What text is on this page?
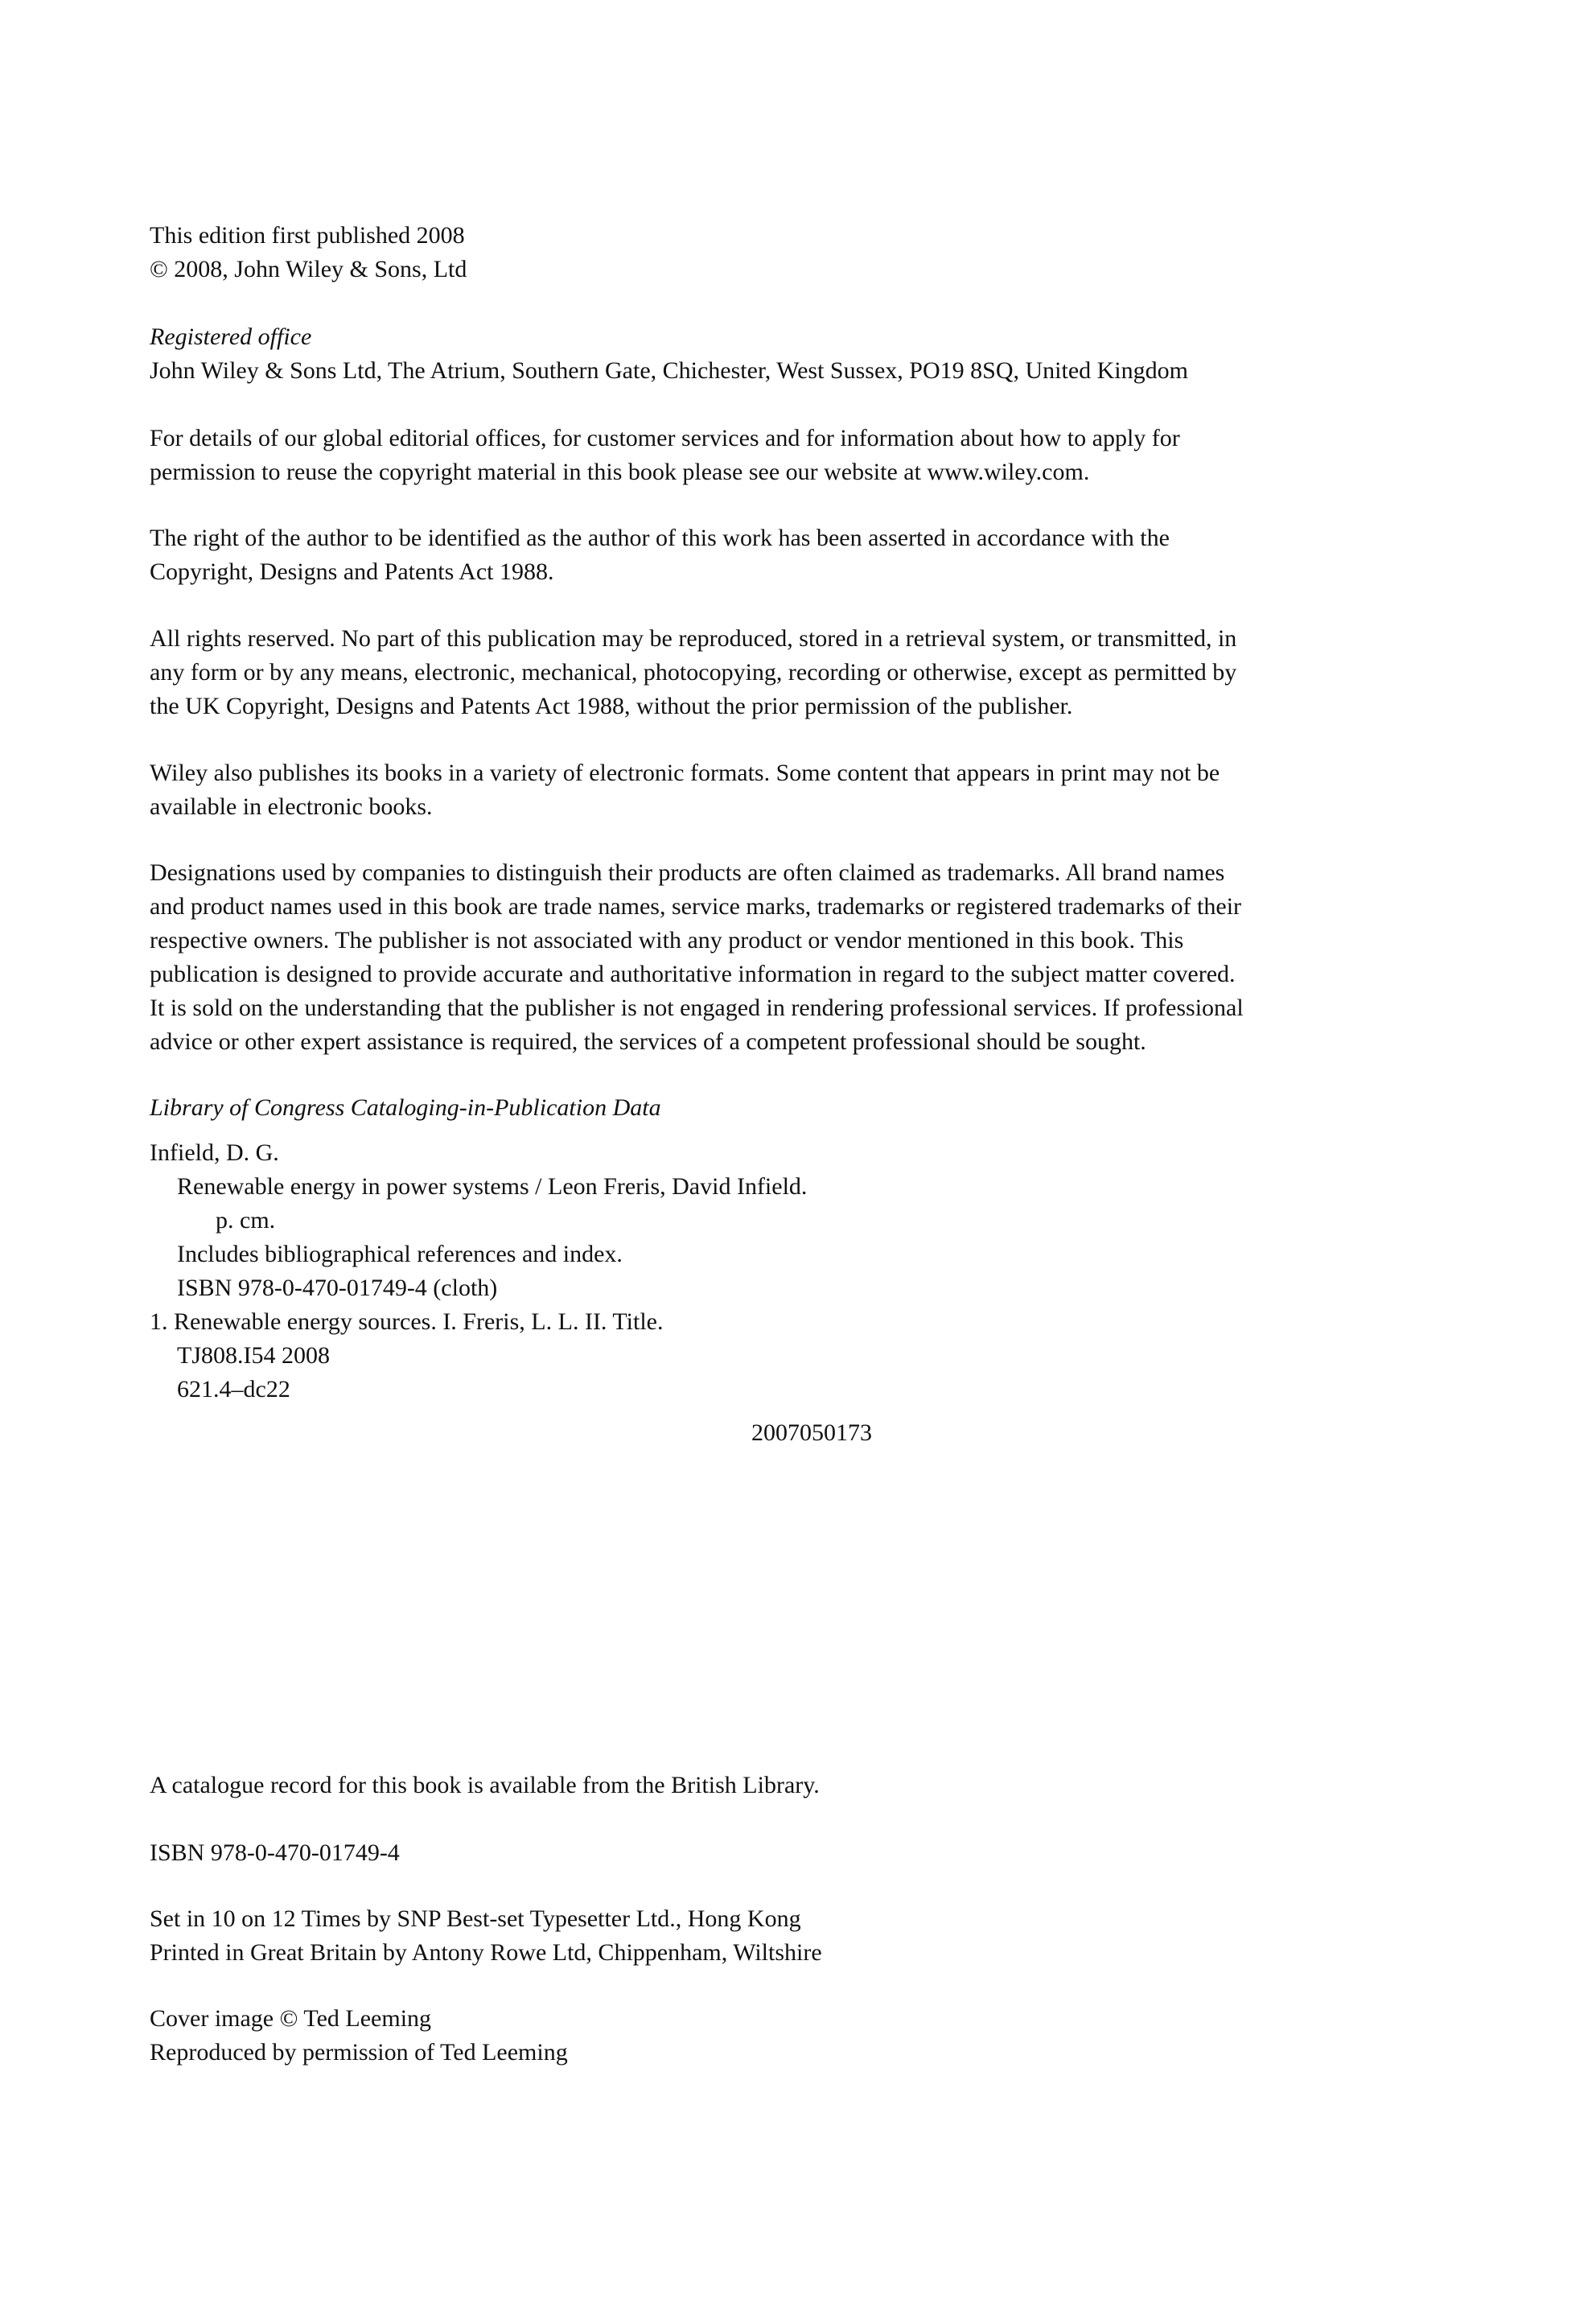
This edition first published 2008
© 2008, John Wiley & Sons, Ltd
Registered office
John Wiley & Sons Ltd, The Atrium, Southern Gate, Chichester, West Sussex, PO19 8SQ, United Kingdom
For details of our global editorial offices, for customer services and for information about how to apply for
permission to reuse the copyright material in this book please see our website at www.wiley.com.
The right of the author to be identified as the author of this work has been asserted in accordance with the
Copyright, Designs and Patents Act 1988.
All rights reserved. No part of this publication may be reproduced, stored in a retrieval system, or transmitted, in
any form or by any means, electronic, mechanical, photocopying, recording or otherwise, except as permitted by
the UK Copyright, Designs and Patents Act 1988, without the prior permission of the publisher.
Wiley also publishes its books in a variety of electronic formats. Some content that appears in print may not be
available in electronic books.
Designations used by companies to distinguish their products are often claimed as trademarks. All brand names
and product names used in this book are trade names, service marks, trademarks or registered trademarks of their
respective owners. The publisher is not associated with any product or vendor mentioned in this book. This
publication is designed to provide accurate and authoritative information in regard to the subject matter covered.
It is sold on the understanding that the publisher is not engaged in rendering professional services. If professional
advice or other expert assistance is required, the services of a competent professional should be sought.
Library of Congress Cataloging-in-Publication Data
Infield, D. G.
Renewable energy in power systems / Leon Freris, David Infield.
p. cm.
Includes bibliographical references and index.
ISBN 978-0-470-01749-4 (cloth)
1. Renewable energy sources. I. Freris, L. L. II. Title.
TJ808.I54 2008
621.4–dc22
2007050173
A catalogue record for this book is available from the British Library.
ISBN 978-0-470-01749-4
Set in 10 on 12 Times by SNP Best-set Typesetter Ltd., Hong Kong
Printed in Great Britain by Antony Rowe Ltd, Chippenham, Wiltshire
Cover image © Ted Leeming
Reproduced by permission of Ted Leeming
